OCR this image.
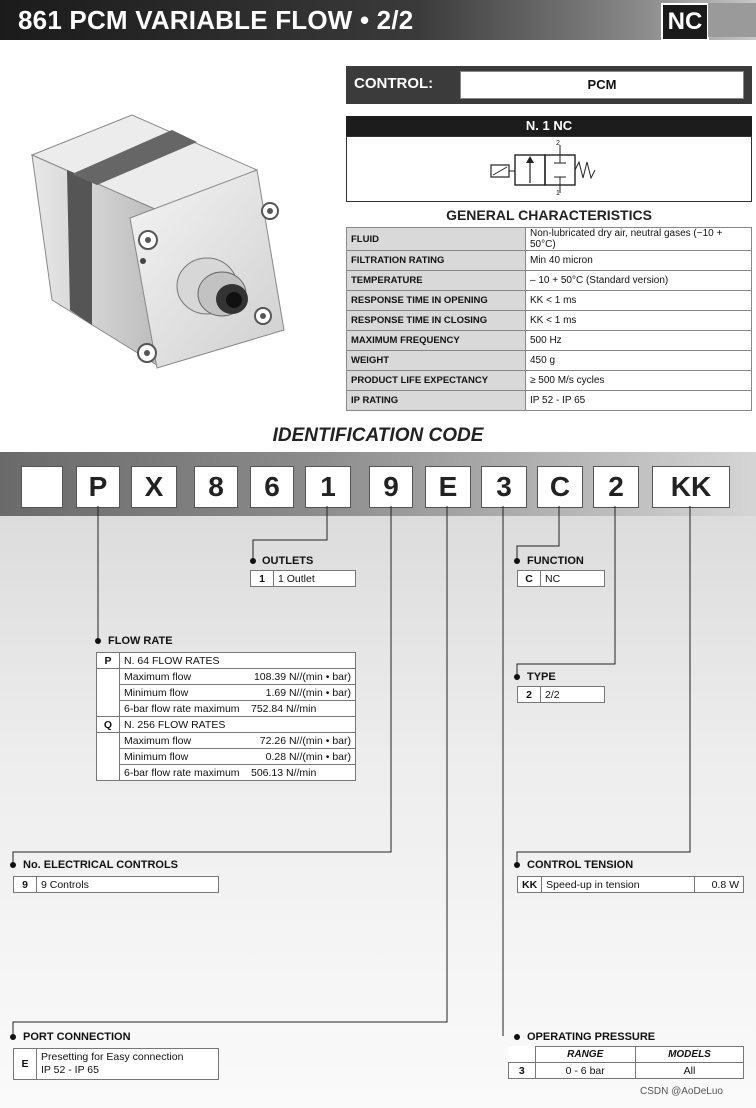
861 PCM VARIABLE FLOW • 2/2	NC
CONTROL:	PCM
N. 1 NC
2
1
GENERAL CHARACTERISTICS
FLUID	Non-lubricated dry air, neutral gases (−10 + 50°C)
FILTRATION RATING	Min 40 micron
TEMPERATURE	– 10 + 50°C (Standard version)
RESPONSE TIME IN OPENING	KK < 1 ms
RESPONSE TIME IN CLOSING	KK < 1 ms
MAXIMUM FREQUENCY	500 Hz
WEIGHT	450 g
PRODUCT LIFE EXPECTANCY	≥ 500 M/s cycles
IP RATING	IP 52 - IP 65
IDENTIFICATION CODE
P	X	8	6	1	9	E	3	C	2	KK
OUTLETS
1	1 Outlet
FUNCTION
C	NC
FLOW RATE
P	N. 64 FLOW RATES	
	Maximum flow	108.39 N//(min • bar)
	Minimum flow	1.69 N//(min • bar)
	6-bar flow rate maximum	752.84 N//min
Q	N. 256 FLOW RATES	
	Maximum flow	72.26 N//(min • bar)
	Minimum flow	0.28 N//(min • bar)
	6-bar flow rate maximum	506.13 N//min
TYPE
2	2/2
No. ELECTRICAL CONTROLS
9	9 Controls
CONTROL TENSION
KK	Speed-up in tension	0.8 W
PORT CONNECTION
E	
Presetting for Easy connection
IP 52 - IP 65
OPERATING PRESSURE
	RANGE	MODELS
3	0 - 6 bar	All
CSDN @AoDeLuo
